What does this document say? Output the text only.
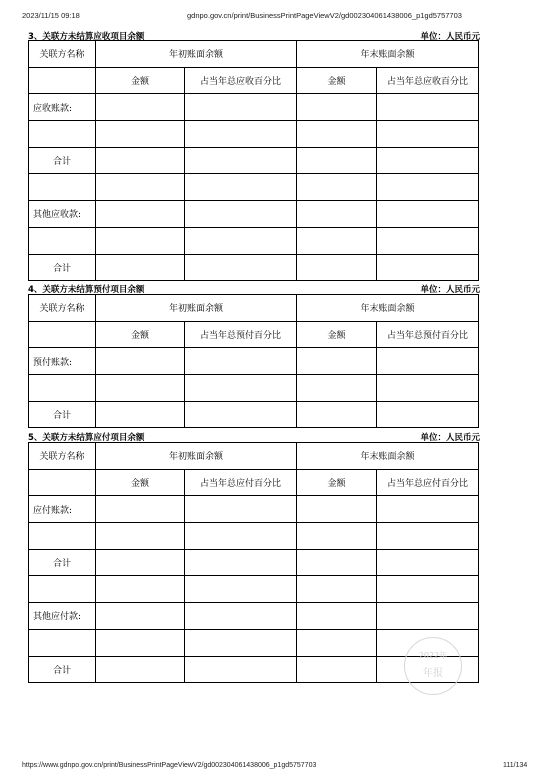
2023/11/15 09:18	gdnpo.gov.cn/print/BusinessPrintPageViewV2/gd002304061438006_p1gd5757703
3、关联方未结算应收项目余额	单位：人民币元
关联方名称	年初账面余额		年末账面余额	
	金额	占当年总应收百分比	金额	占当年总应收百分比
应收账款:				

合计				

其他应收款:				

合计				
4、关联方未结算预付项目余额	单位：人民币元
关联方名称	年初账面余额		年末账面余额	
	金额	占当年总预付百分比	金额	占当年总预付百分比
预付账款:				

合计				
5、关联方未结算应付项目余额	单位：人民币元
关联方名称	年初账面余额		年末账面余额	
	金额	占当年总应付百分比	金额	占当年总应付百分比
应付账款:				

合计				

其他应付款:				

合计				
2022年
年报
https://www.gdnpo.gov.cn/print/BusinessPrintPageViewV2/gd002304061438006_p1gd5757703	111/134
